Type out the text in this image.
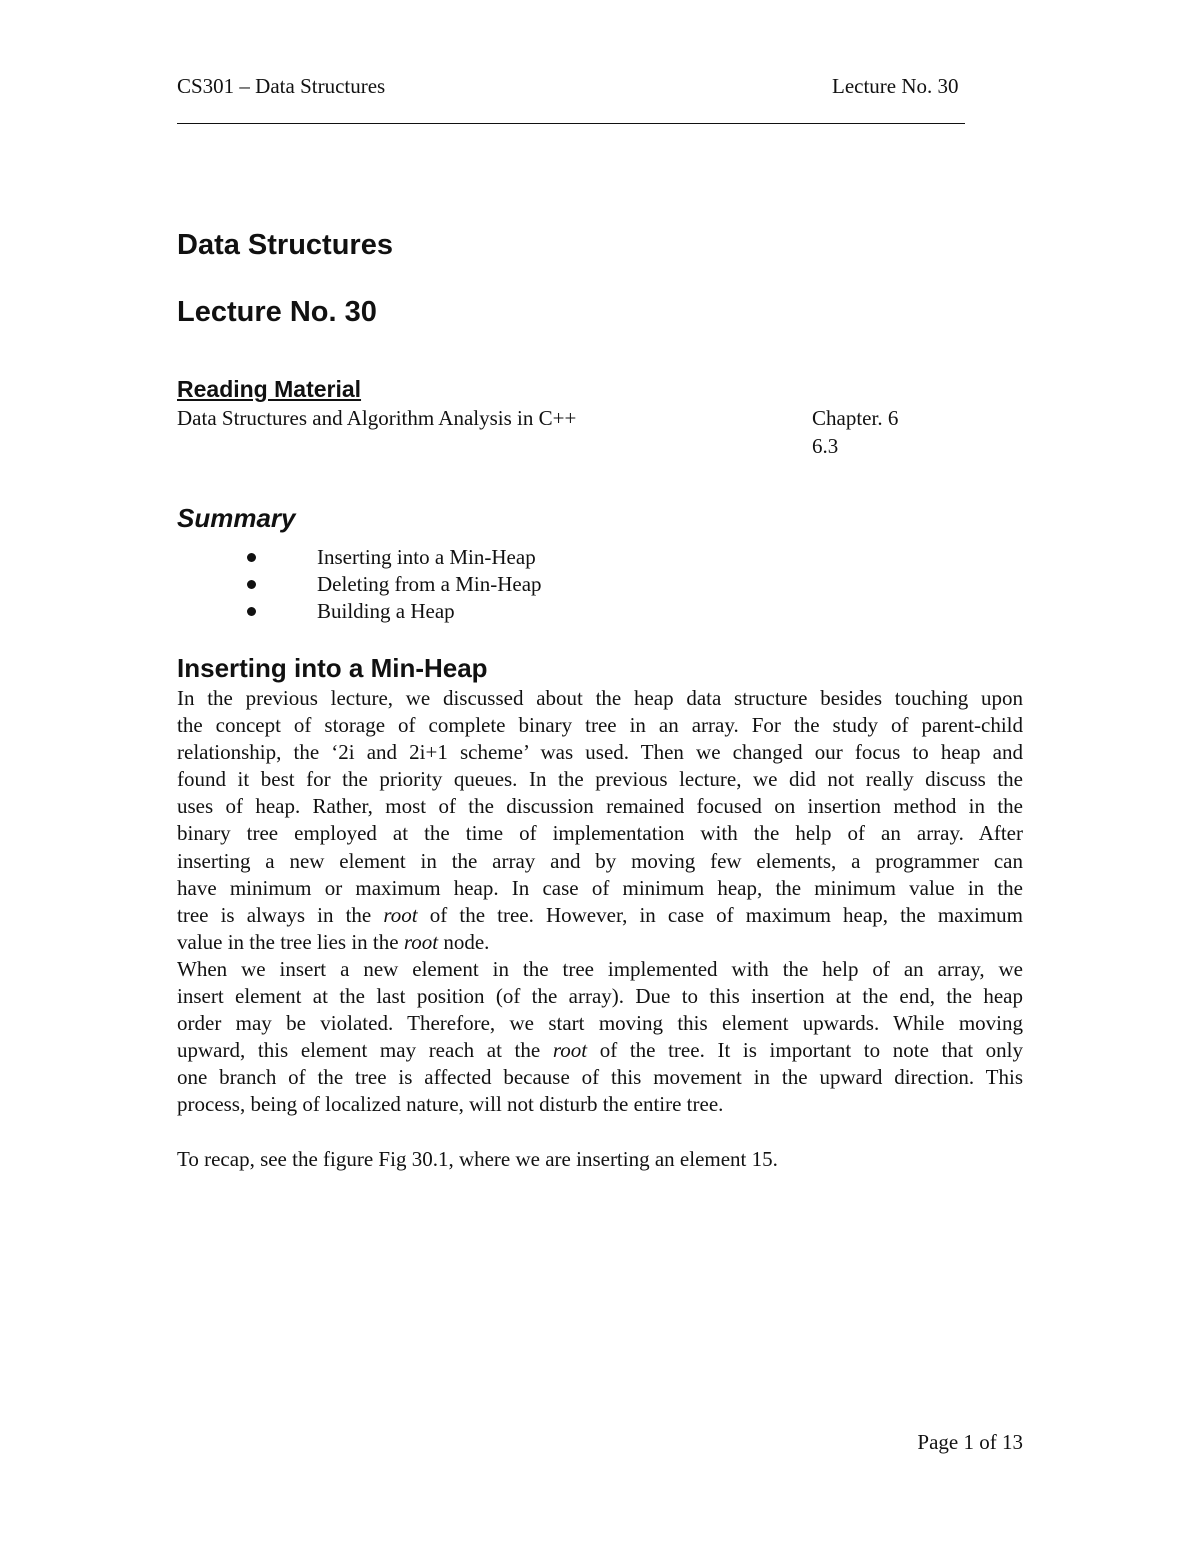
CS301 – Data Structures	Lecture No. 30
Data Structures
Lecture No. 30
Reading Material
Data Structures and Algorithm Analysis in C++	Chapter. 6
6.3
Summary
Inserting into a Min-Heap
Deleting from a Min-Heap
Building a Heap
Inserting into a Min-Heap
In the previous lecture, we discussed about the heap data structure besides touching upon
the concept of storage of complete binary tree in an array. For the study of parent-child
relationship, the ‘2i and 2i+1 scheme’ was used. Then we changed our focus to heap and
found it best for the priority queues. In the previous lecture, we did not really discuss the
uses of heap. Rather, most of the discussion remained focused on insertion method in the
binary tree employed at the time of implementation with the help of an array. After
inserting a new element in the array and by moving few elements, a programmer can
have minimum or maximum heap. In case of minimum heap, the minimum value in the
tree is always in the root of the tree. However, in case of maximum heap, the maximum
value in the tree lies in the root node.
When we insert a new element in the tree implemented with the help of an array, we
insert element at the last position (of the array). Due to this insertion at the end, the heap
order may be violated. Therefore, we start moving this element upwards. While moving
upward, this element may reach at the root of the tree. It is important to note that only
one branch of the tree is affected because of this movement in the upward direction. This
process, being of localized nature, will not disturb the entire tree.
To recap, see the figure Fig 30.1, where we are inserting an element 15.
Page 1 of 13
